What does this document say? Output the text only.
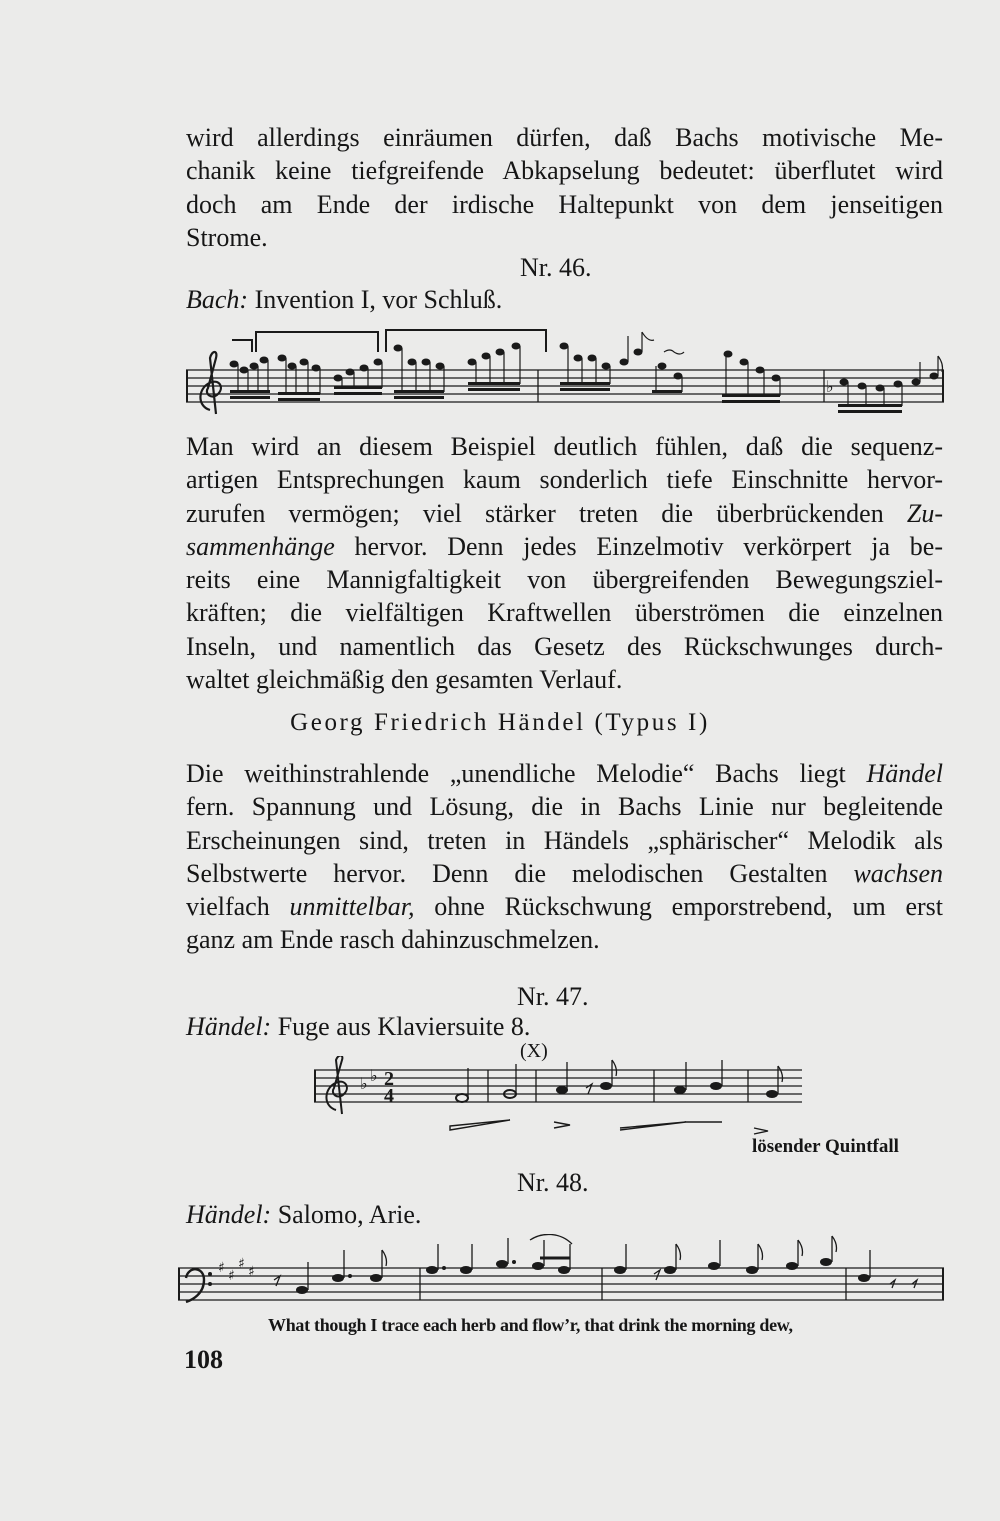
wird allerdings einräumen dürfen, daß Bachs motivische Me-
chanik keine tiefgreifende Abkapselung bedeutet: überflutet wird
doch am Ende der irdische Haltepunkt von dem jenseitigen
Strome.
Nr. 46.
Bach: Invention I, vor Schluß.
♭
Man wird an diesem Beispiel deutlich fühlen, daß die sequenz-
artigen Entsprechungen kaum sonderlich tiefe Einschnitte hervor-
zurufen vermögen; viel stärker treten die überbrückenden Zu-
sammenhänge hervor. Denn jedes Einzelmotiv verkörpert ja be-
reits eine Mannigfaltigkeit von übergreifenden Bewegungsziel-
kräften; die vielfältigen Kraftwellen überströmen die einzelnen
Inseln, und namentlich das Gesetz des Rückschwunges durch-
waltet gleichmäßig den gesamten Verlauf.
Georg Friedrich Händel (Typus I)
Die weithinstrahlende „unendliche Melodie“ Bachs liegt Händel
fern. Spannung und Lösung, die in Bachs Linie nur begleitende
Erscheinungen sind, treten in Händels „sphärischer“ Melodik als
Selbstwerte hervor. Denn die melodischen Gestalten wachsen
vielfach unmittelbar, ohne Rückschwung emporstrebend, um erst
ganz am Ende rasch dahinzuschmelzen.
Nr. 47.
Händel: Fuge aus Klaviersuite 8.
(X)
♭ ♭ 2
4
lösender Quintfall
Nr. 48.
Händel: Salomo, Arie.
♯ ♯
♯ ♯
What though I trace each herb and flow’r, that drink the morning dew,
108
